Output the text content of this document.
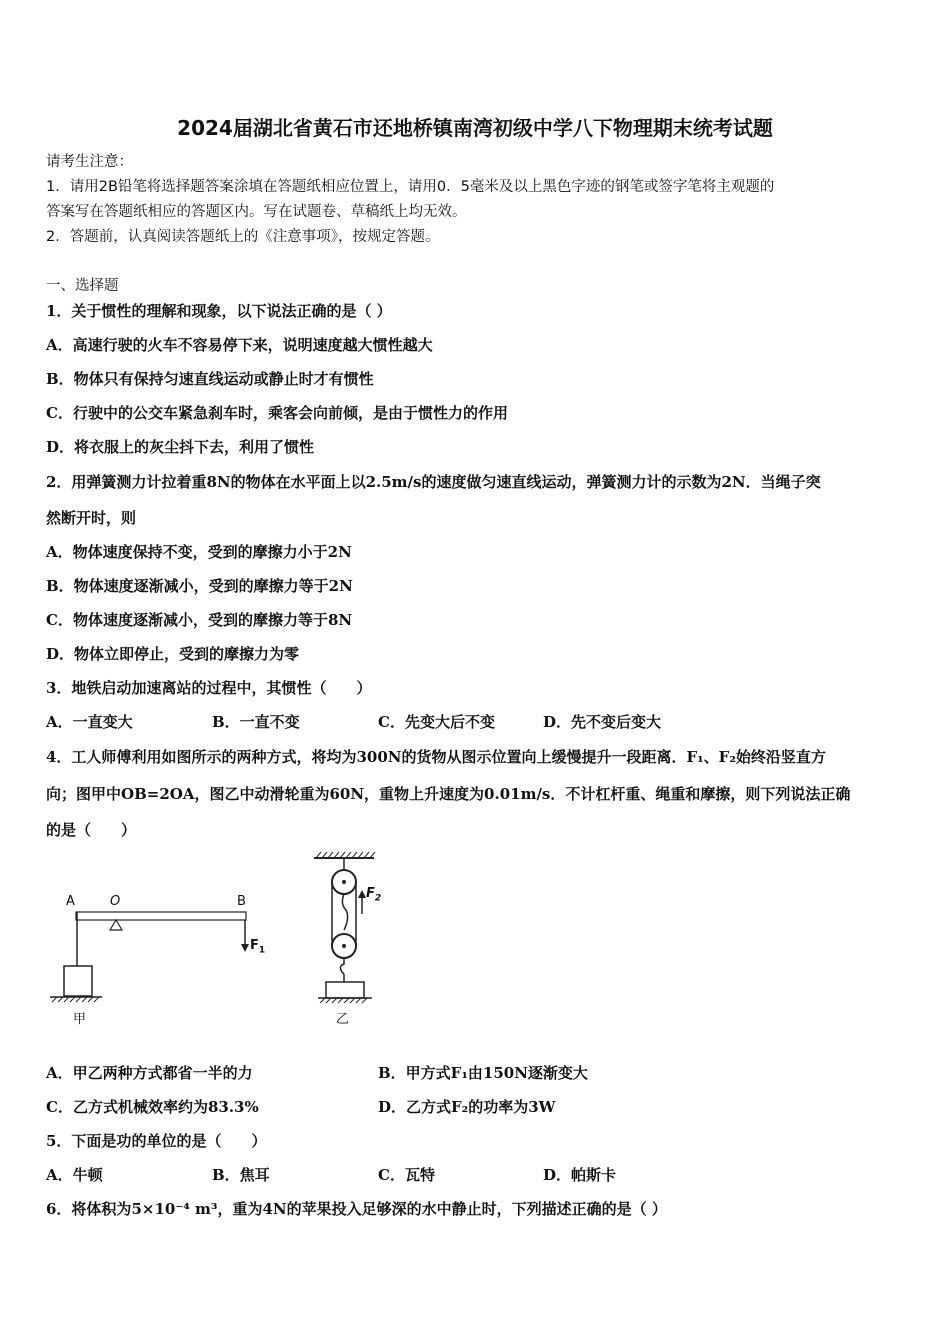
2024届湖北省黄石市还地桥镇南湾初级中学八下物理期末统考试题
请考生注意：
1．请用2B铅笔将选择题答案涂填在答题纸相应位置上，请用0．5毫米及以上黑色字迹的钢笔或签字笔将主观题的
答案写在答题纸相应的答题区内。写在试题卷、草稿纸上均无效。
2．答题前，认真阅读答题纸上的《注意事项》，按规定答题。
一、选择题
1．关于惯性的理解和现象，以下说法正确的是（ ）
A．高速行驶的火车不容易停下来，说明速度越大惯性越大
B．物体只有保持匀速直线运动或静止时才有惯性
C．行驶中的公交车紧急刹车时，乘客会向前倾，是由于惯性力的作用
D．将衣服上的灰尘抖下去，利用了惯性
2．用弹簧测力计拉着重8N的物体在水平面上以2.5m/s的速度做匀速直线运动，弹簧测力计的示数为2N．当绳子突
然断开时，则
A．物体速度保持不变，受到的摩擦力小于2N
B．物体速度逐渐减小，受到的摩擦力等于2N
C．物体速度逐渐减小，受到的摩擦力等于8N
D．物体立即停止，受到的摩擦力为零
3．地铁启动加速离站的过程中，其惯性（　　）
A．一直变大	B．一直不变	C．先变大后不变	D．先不变后变大
4．工人师傅利用如图所示的两种方式，将均为300N的货物从图示位置向上缓慢提升一段距离．F₁、F₂始终沿竖直方
向；图甲中OB=2OA，图乙中动滑轮重为60N，重物上升速度为0.01m/s．不计杠杆重、绳重和摩擦，则下列说法正确
的是（　　）
A	O	B
$F_1$
甲
$F_2$
乙
A．甲乙两种方式都省一半的力	B．甲方式F₁由150N逐渐变大
C．乙方式机械效率约为83.3%	D．乙方式F₂的功率为3W
5．下面是功的单位的是（　　）
A．牛顿	B．焦耳	C．瓦特	D．帕斯卡
6．将体积为5×10⁻⁴ m³，重为4N的苹果投入足够深的水中静止时，下列描述正确的是（ ）
